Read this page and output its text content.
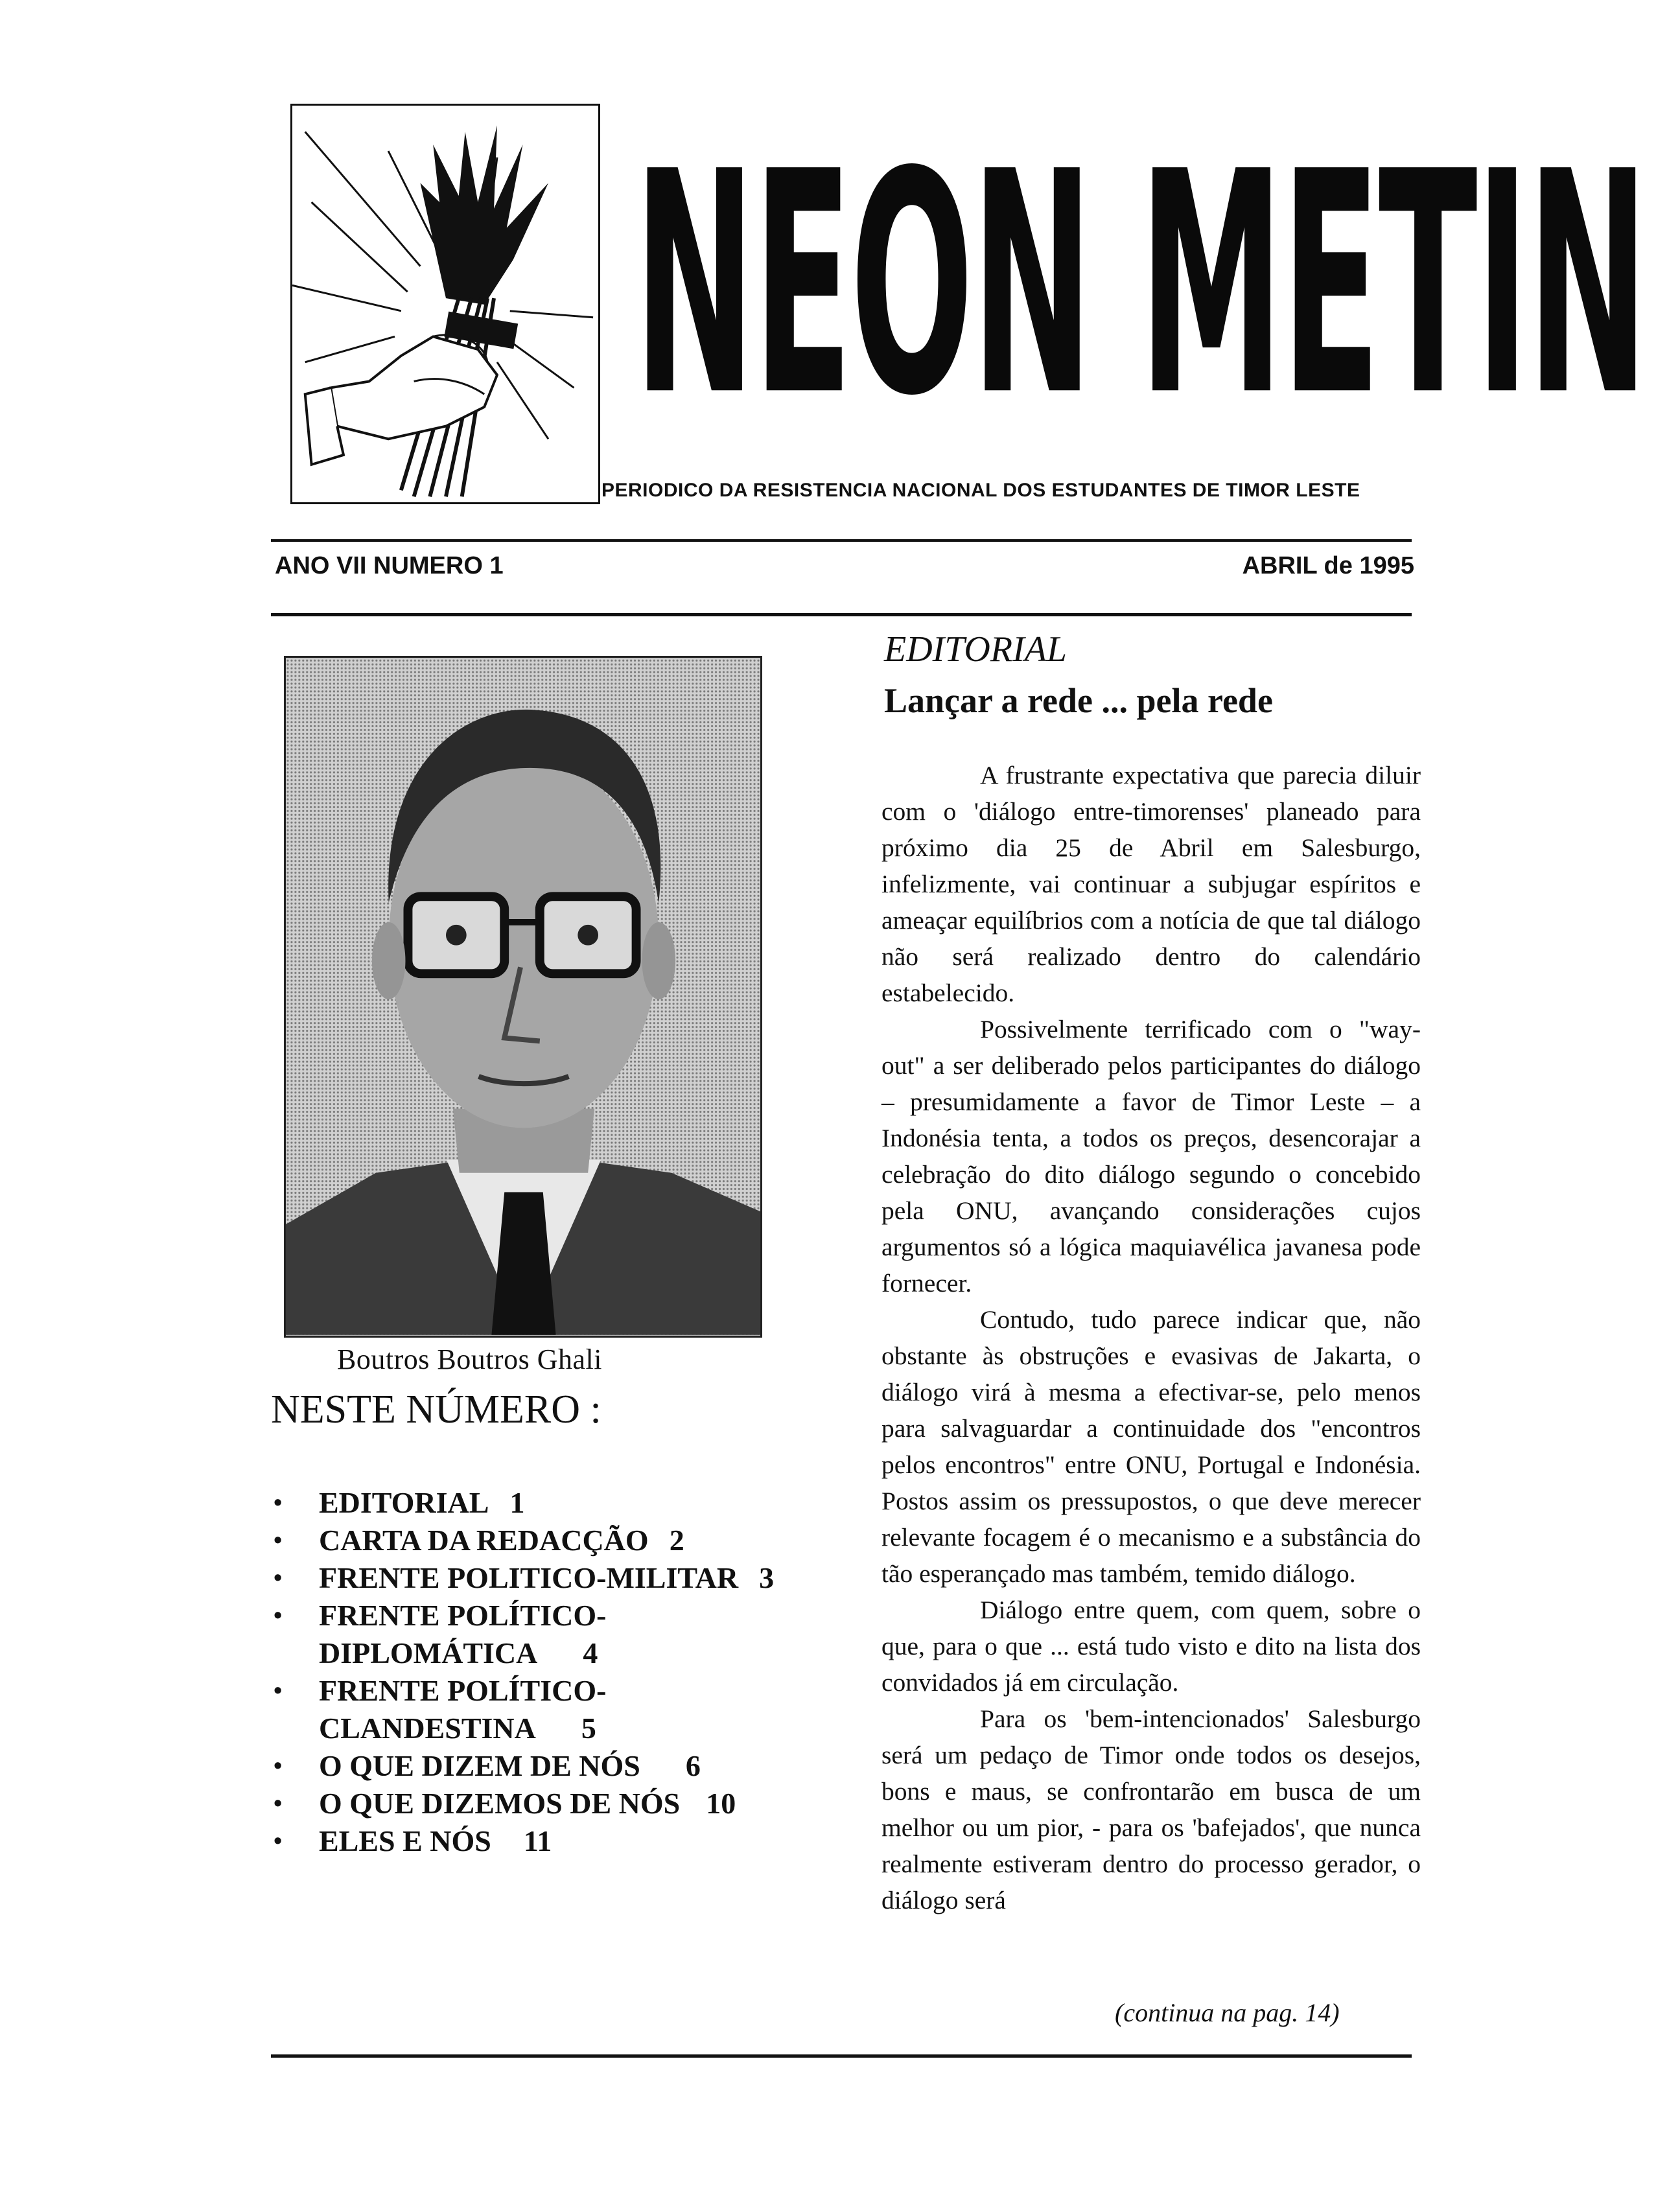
NEON METIN
PERIODICO DA RESISTENCIA NACIONAL DOS ESTUDANTES DE TIMOR LESTE
ANO VII NUMERO 1	ABRIL de 1995
Boutros Boutros Ghali
NESTE NÚMERO :
• EDITORIAL 1
• CARTA DA REDACÇÃO 2
• FRENTE POLITICO-MILITAR 3
• FRENTE POLÍTICO-DIPLOMÁTICA 4
• FRENTE POLÍTICO-CLANDESTINA 5
• O QUE DIZEM DE NÓS 6
• O QUE DIZEMOS DE NÓS 10
• ELES E NÓS 11
EDITORIAL
Lançar a rede ... pela rede

A frustrante expectativa que parecia diluir com o 'diálogo entre-timorenses' planeado para próximo dia 25 de Abril em Salesburgo, infelizmente, vai continuar a subjugar espíritos e ameaçar equilíbrios com a notícia de que tal diálogo não será realizado dentro do calendário estabelecido.

Possivelmente terrificado com o "way-out" a ser deliberado pelos participantes do diálogo – presumidamente a favor de Timor Leste – a Indonésia tenta, a todos os preços, desencorajar a celebração do dito diálogo segundo o concebido pela ONU, avançando considerações cujos argumentos só a lógica maquiavélica javanesa pode fornecer.

Contudo, tudo parece indicar que, não obstante às obstruções e evasivas de Jakarta, o diálogo virá à mesma a efectivar-se, pelo menos para salvaguardar a continuidade dos "encontros pelos encontros" entre ONU, Portugal e Indonésia. Postos assim os pressupostos, o que deve merecer relevante focagem é o mecanismo e a substância do tão esperançado mas também, temido diálogo.

Diálogo entre quem, com quem, sobre o que, para o que ... está tudo visto e dito na lista dos convidados já em circulação.

Para os 'bem-intencionados' Salesburgo será um pedaço de Timor onde todos os desejos, bons e maus, se confrontarão em busca de um melhor ou um pior, - para os 'bafejados', que nunca realmente estiveram dentro do processo gerador, o diálogo será

(continua na pag. 14)
